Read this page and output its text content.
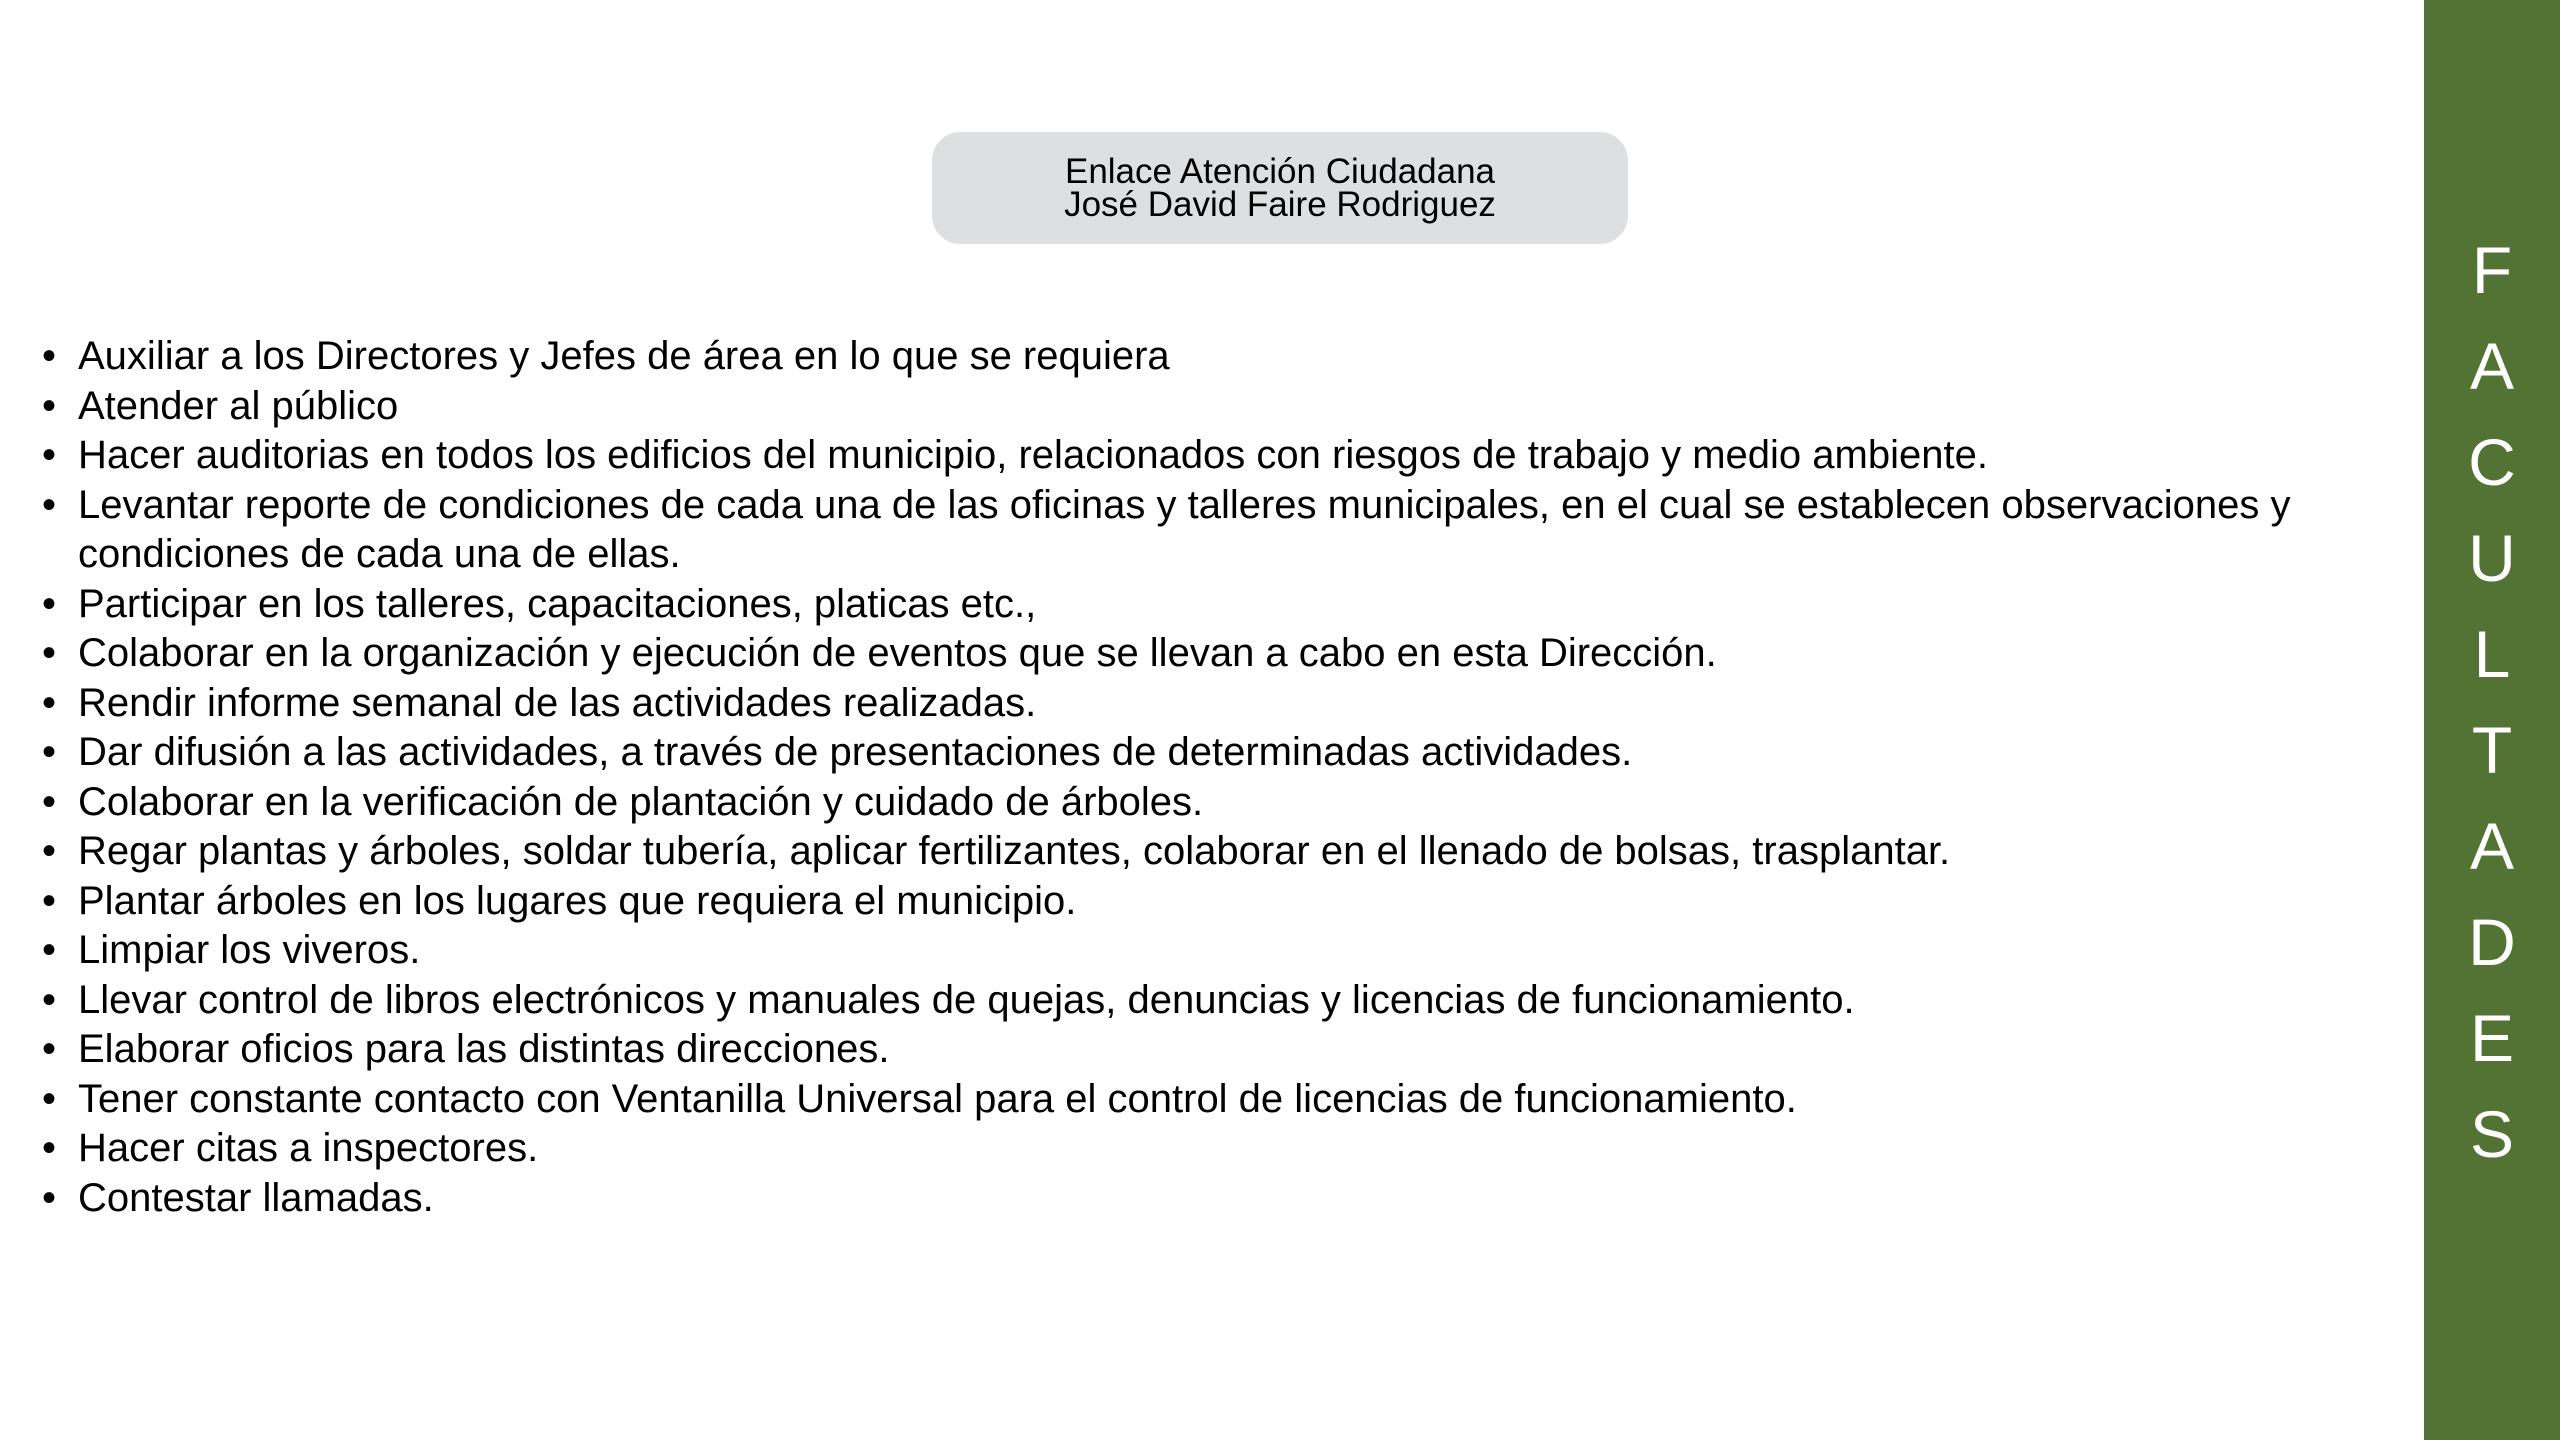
Enlace Atención Ciudadana
José David Faire Rodriguez
• Auxiliar a los Directores y Jefes de área en lo que se requiera
• Atender al público
• Hacer auditorias en todos los edificios del municipio, relacionados con riesgos de trabajo y medio ambiente.
• Levantar reporte de condiciones de cada una de las oficinas y talleres municipales, en el cual se establecen observaciones y condiciones de cada una de ellas.
• Participar en los talleres, capacitaciones, platicas etc.,
• Colaborar en la organización y ejecución de eventos que se llevan a cabo en esta Dirección.
• Rendir informe semanal de las actividades realizadas.
• Dar difusión a las actividades, a través de presentaciones de determinadas actividades.
• Colaborar en la verificación de plantación y cuidado de árboles.
• Regar plantas y árboles, soldar tubería, aplicar fertilizantes, colaborar en el llenado de bolsas, trasplantar.
• Plantar árboles en los lugares que requiera el municipio.
• Limpiar los viveros.
• Llevar control de libros electrónicos y manuales de quejas, denuncias y licencias de funcionamiento.
• Elaborar oficios para las distintas direcciones.
• Tener constante contacto con Ventanilla Universal para el control de licencias de funcionamiento.
• Hacer citas a inspectores.
• Contestar llamadas.
F
A
C
U
L
T
A
D
E
S
